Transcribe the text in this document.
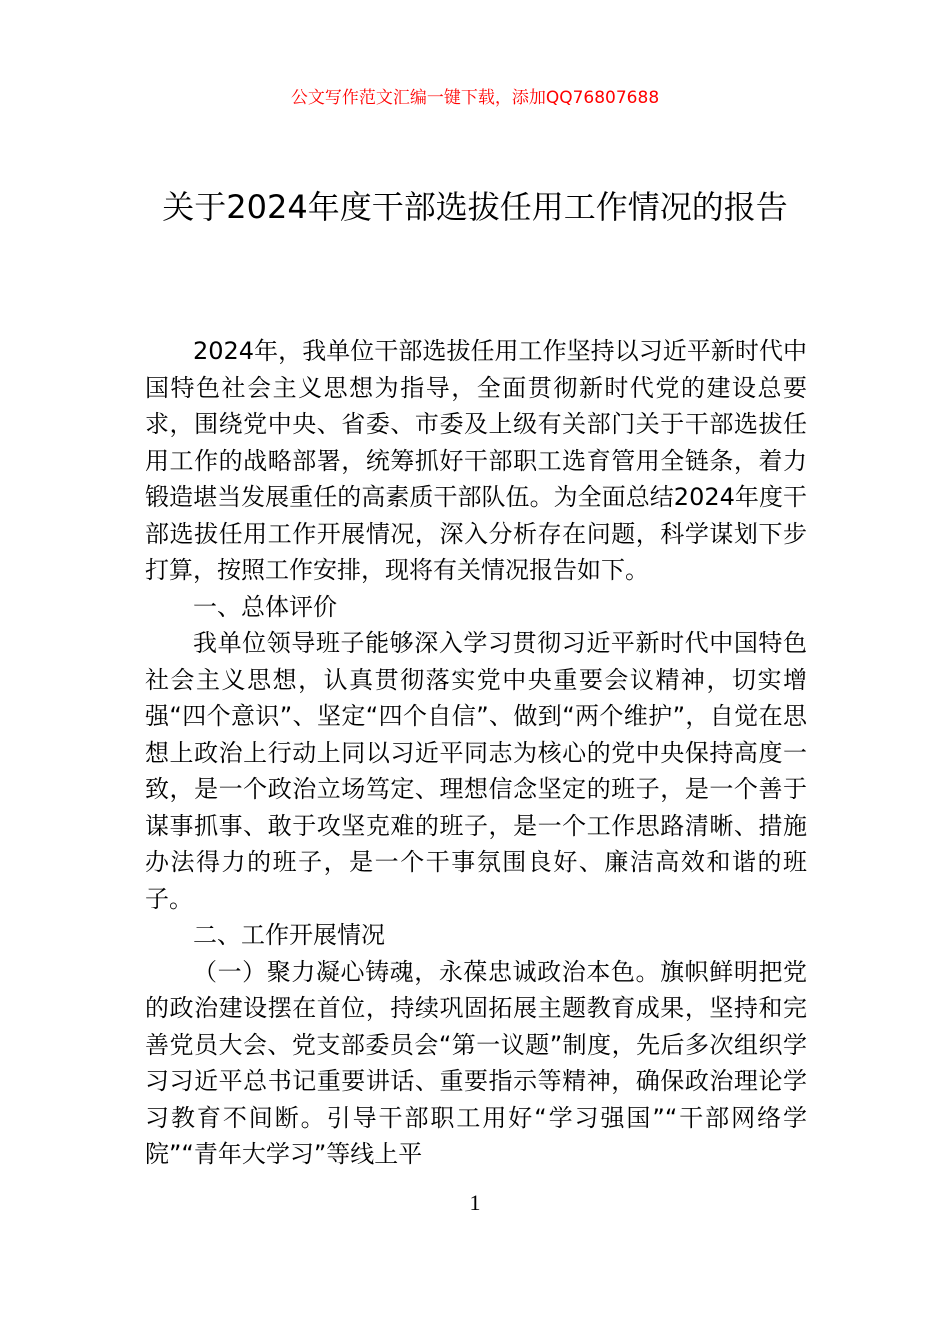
公文写作范文汇编一键下载，添加QQ76807688
关于2024年度干部选拔任用工作情况的报告

2024年，我单位干部选拔任用工作坚持以习近平新时代中国特色社会主义思想为指导，全面贯彻新时代党的建设总要求，围绕党中央、省委、市委及上级有关部门关于干部选拔任用工作的战略部署，统筹抓好干部职工选育管用全链条，着力锻造堪当发展重任的高素质干部队伍。为全面总结2024年度干部选拔任用工作开展情况，深入分析存在问题，科学谋划下步打算，按照工作安排，现将有关情况报告如下。

一、总体评价

我单位领导班子能够深入学习贯彻习近平新时代中国特色社会主义思想，认真贯彻落实党中央重要会议精神，切实增强“四个意识”、坚定“四个自信”、做到“两个维护”，自觉在思想上政治上行动上同以习近平同志为核心的党中央保持高度一致，是一个政治立场笃定、理想信念坚定的班子，是一个善于谋事抓事、敢于攻坚克难的班子，是一个工作思路清晰、措施办法得力的班子，是一个干事氛围良好、廉洁高效和谐的班子。

二、工作开展情况

（一）聚力凝心铸魂，永葆忠诚政治本色。旗帜鲜明把党的政治建设摆在首位，持续巩固拓展主题教育成果，坚持和完善党员大会、党支部委员会“第一议题”制度，先后多次组织学习习近平总书记重要讲话、重要指示等精神，确保政治理论学习教育不间断。引导干部职工用好“学习强国”“干部网络学院”“青年大学习”等线上平

1
